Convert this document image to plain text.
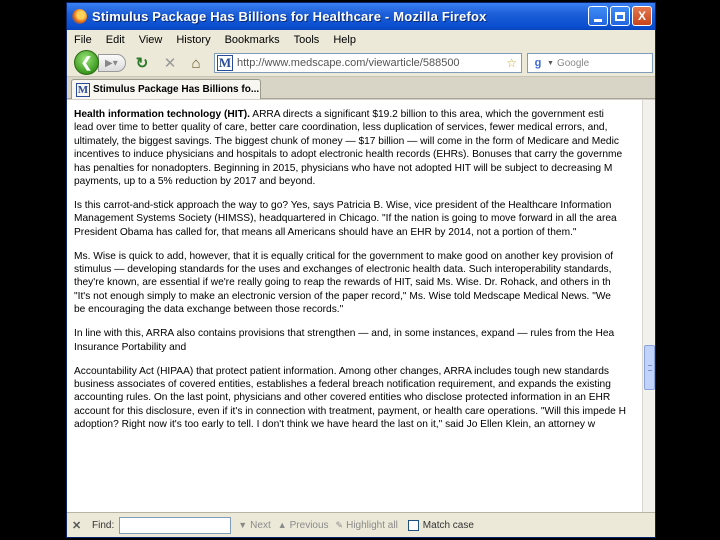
Stimulus Package Has Billions for Healthcare - Mozilla Firefox	X
File	Edit	View	History	Bookmarks	Tools	Help
▶▾
❮	↻ ✕ ⌂	M http://www.medscape.com/viewarticle/588500	☆	g ▼ Google
M Stimulus Package Has Billions fo...

Health information technology (HIT). ARRA directs a significant $19.2 billion to this area, which the government esti
lead over time to better quality of care, better care coordination, less duplication of services, fewer medical errors, and,
ultimately, the biggest savings. The biggest chunk of money — $17 billion — will come in the form of Medicare and Medic
incentives to induce physicians and hospitals to adopt electronic health records (EHRs). Bonuses that carry the governme
has penalties for nonadopters. Beginning in 2015, physicians who have not adopted HIT will be subject to decreasing M
payments, up to a 5% reduction by 2017 and beyond.

Is this carrot-and-stick approach the way to go? Yes, says Patricia B. Wise, vice president of the Healthcare Information
Management Systems Society (HIMSS), headquartered in Chicago. "If the nation is going to move forward in all the area
President Obama has called for, that means all Americans should have an EHR by 2014, not a portion of them."

Ms. Wise is quick to add, however, that it is equally critical for the government to make good on another key provision of
stimulus — developing standards for the uses and exchanges of electronic health data. Such interoperability standards,
they're known, are essential if we're really going to reap the rewards of HIT, said Ms. Wise. Dr. Rohack, and others in th
"It's not enough simply to make an electronic version of the paper record," Ms. Wise told Medscape Medical News. "We
be encouraging the data exchange between those records."

In line with this, ARRA also contains provisions that strengthen — and, in some instances, expand — rules from the Hea
Insurance Portability and

Accountability Act (HIPAA) that protect patient information. Among other changes, ARRA includes tough new standards
business associates of covered entities, establishes a federal breach notification requirement, and expands the existing
accounting rules. On the last point, physicians and other covered entities who disclose protected information in an EHR
account for this disclosure, even if it's in connection with treatment, payment, or health care operations. "Will this impede H
adoption? Right now it's too early to tell. I don't think we have heard the last on it," said Jo Ellen Klein, an attorney w

✕ Find:	▼ Next ▲ Previous ✎ Highlight all	Match case
